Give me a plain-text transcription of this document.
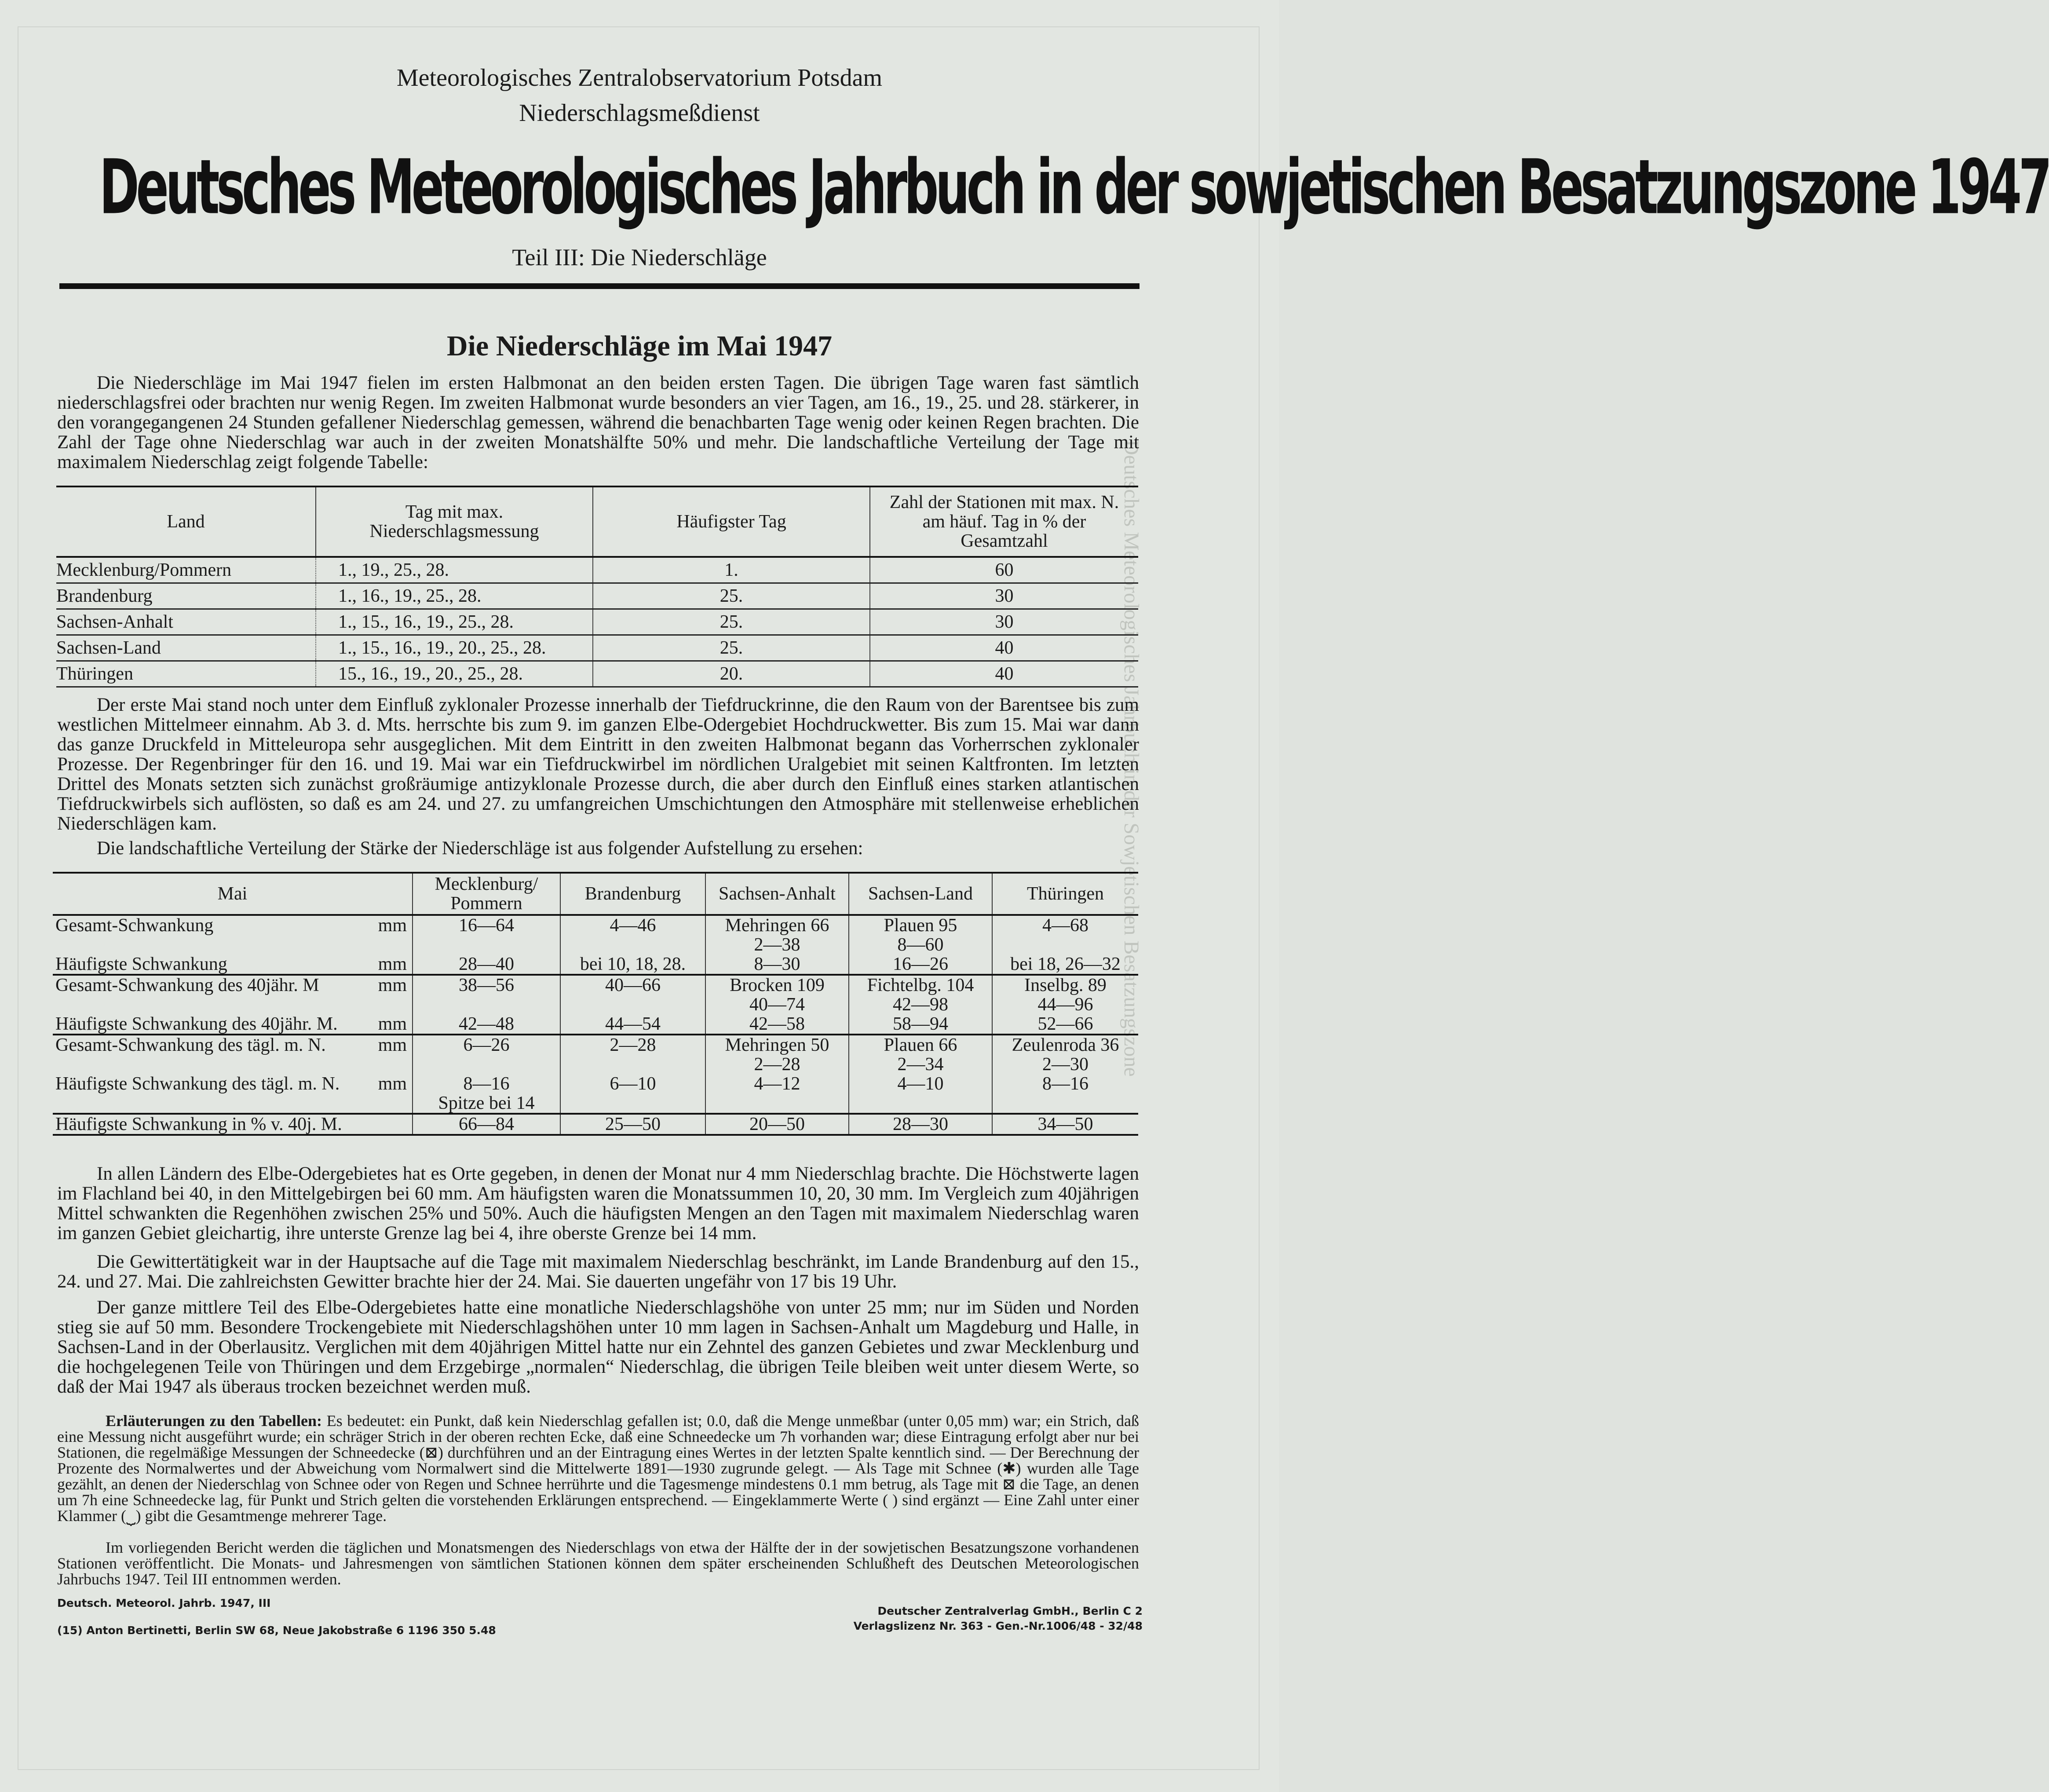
Deutsches Meteorologisches Jahrbuch in der Sowjetischen Besatzungszone
Meteorologisches Zentralobservatorium Potsdam
Niederschlagsmeßdienst
Deutsches Meteorologisches Jahrbuch in der sowjetischen Besatzungszone 1947
Teil III: Die Niederschläge
Die Niederschläge im Mai 1947
Die Niederschläge im Mai 1947 fielen im ersten Halbmonat an den beiden ersten Tagen. Die übrigen Tage waren fast sämtlich niederschlagsfrei oder brachten nur wenig Regen. Im zweiten Halbmonat wurde besonders an vier Tagen, am 16., 19., 25. und 28. stärkerer, in den vorangegangenen 24 Stunden gefallener Niederschlag gemessen, während die benachbarten Tage wenig oder keinen Regen brachten. Die Zahl der Tage ohne Niederschlag war auch in der zweiten Monatshälfte 50% und mehr. Die landschaftliche Verteilung der Tage mit maximalem Niederschlag zeigt folgende Tabelle:
Land	Tag mit max. Niederschlagsmessung	Häufigster Tag	Zahl der Stationen mit max. N. am häuf. Tag in % der Gesamtzahl
Mecklenburg/Pommern	1., 19., 25., 28.	1.	60
Brandenburg	1., 16., 19., 25., 28.	25.	30
Sachsen-Anhalt	1., 15., 16., 19., 25., 28.	25.	30
Sachsen-Land	1., 15., 16., 19., 20., 25., 28.	25.	40
Thüringen	15., 16., 19., 20., 25., 28.	20.	40
Der erste Mai stand noch unter dem Einfluß zyklonaler Prozesse innerhalb der Tiefdruckrinne, die den Raum von der Barentsee bis zum westlichen Mittelmeer einnahm. Ab 3. d. Mts. herrschte bis zum 9. im ganzen Elbe-Odergebiet Hochdruckwetter. Bis zum 15. Mai war dann das ganze Druckfeld in Mitteleuropa sehr ausgeglichen. Mit dem Eintritt in den zweiten Halbmonat begann das Vorherrschen zyklonaler Prozesse. Der Regenbringer für den 16. und 19. Mai war ein Tiefdruckwirbel im nördlichen Uralgebiet mit seinen Kaltfronten. Im letzten Drittel des Monats setzten sich zunächst großräumige antizyklonale Prozesse durch, die aber durch den Einfluß eines starken atlantischen Tiefdruckwirbels sich auflösten, so daß es am 24. und 27. zu umfangreichen Umschichtungen den Atmosphäre mit stellenweise erheblichen Niederschlägen kam.
Die landschaftliche Verteilung der Stärke der Niederschläge ist aus folgender Aufstellung zu ersehen:
Mai	Mecklenburg/ Pommern	Brandenburg	Sachsen-Anhalt	Sachsen-Land	Thüringen
Gesamt-Schwankung mm	16—64	4—46	Mehringen 66	Plauen 95	4—68

			2—38	8—60	
Häufigste Schwankung mm	28—40	bei 10, 18, 28.	8—30	16—26	bei 18, 26—32
Gesamt-Schwankung des 40jähr. M mm	38—56	40—66	Brocken 109	Fichtelbg. 104	Inselbg. 89

			40—74	42—98	44—96
Häufigste Schwankung des 40jähr. M. mm	42—48	44—54	42—58	58—94	52—66
Gesamt-Schwankung des tägl. m. N. mm	6—26	2—28	Mehringen 50	Plauen 66	Zeulenroda 36

			2—28	2—34	2—30
Häufigste Schwankung des tägl. m. N. mm	8—16	6—10	4—12	4—10	8—16

	Spitze bei 14				
Häufigste Schwankung in % v. 40j. M.	66—84	25—50	20—50	28—30	34—50
In allen Ländern des Elbe-Odergebietes hat es Orte gegeben, in denen der Monat nur 4 mm Niederschlag brachte. Die Höchstwerte lagen im Flachland bei 40, in den Mittelgebirgen bei 60 mm. Am häufigsten waren die Monatssummen 10, 20, 30 mm. Im Vergleich zum 40jährigen Mittel schwankten die Regenhöhen zwischen 25% und 50%. Auch die häufigsten Mengen an den Tagen mit maximalem Niederschlag waren im ganzen Gebiet gleichartig, ihre unterste Grenze lag bei 4, ihre oberste Grenze bei 14 mm.
Die Gewittertätigkeit war in der Hauptsache auf die Tage mit maximalem Niederschlag beschränkt, im Lande Brandenburg auf den 15., 24. und 27. Mai. Die zahlreichsten Gewitter brachte hier der 24. Mai. Sie dauerten ungefähr von 17 bis 19 Uhr.
Der ganze mittlere Teil des Elbe-Odergebietes hatte eine monatliche Niederschlagshöhe von unter 25 mm; nur im Süden und Norden stieg sie auf 50 mm. Besondere Trockengebiete mit Niederschlagshöhen unter 10 mm lagen in Sachsen-Anhalt um Magdeburg und Halle, in Sachsen-Land in der Oberlausitz. Verglichen mit dem 40jährigen Mittel hatte nur ein Zehntel des ganzen Gebietes und zwar Mecklenburg und die hochgelegenen Teile von Thüringen und dem Erzgebirge „normalen“ Niederschlag, die übrigen Teile bleiben weit unter diesem Werte, so daß der Mai 1947 als überaus trocken bezeichnet werden muß.
Erläuterungen zu den Tabellen: Es bedeutet: ein Punkt, daß kein Niederschlag gefallen ist; 0.0, daß die Menge unmeßbar (unter 0,05 mm) war; ein Strich, daß eine Messung nicht ausgeführt wurde; ein schräger Strich in der oberen rechten Ecke, daß eine Schneedecke um 7h vorhanden war; diese Eintragung erfolgt aber nur bei Stationen, die regelmäßige Messungen der Schneedecke (⊠) durchführen und an der Eintragung eines Wertes in der letzten Spalte kenntlich sind. — Der Berechnung der Prozente des Normalwertes und der Abweichung vom Normalwert sind die Mittelwerte 1891—1930 zugrunde gelegt. — Als Tage mit Schnee (✱) wurden alle Tage gezählt, an denen der Niederschlag von Schnee oder von Regen und Schnee herrührte und die Tagesmenge mindestens 0.1 mm betrug, als Tage mit ⊠ die Tage, an denen um 7h eine Schneedecke lag, für Punkt und Strich gelten die vorstehenden Erklärungen entsprechend. — Eingeklammerte Werte ( ) sind ergänzt — Eine Zahl unter einer Klammer (⏟) gibt die Gesamtmenge mehrerer Tage.
Im vorliegenden Bericht werden die täglichen und Monatsmengen des Niederschlags von etwa der Hälfte der in der sowjetischen Besatzungszone vorhandenen Stationen veröffentlicht. Die Monats- und Jahresmengen von sämtlichen Stationen können dem später erscheinenden Schlußheft des Deutschen Meteorologischen Jahrbuchs 1947. Teil III entnommen werden.
Deutsch. Meteorol. Jahrb. 1947, III
(15) Anton Bertinetti, Berlin SW 68, Neue Jakobstraße 6 1196 350 5.48
Deutscher Zentralverlag GmbH., Berlin C 2
Verlagslizenz Nr. 363 - Gen.-Nr.1006/48 - 32/48
